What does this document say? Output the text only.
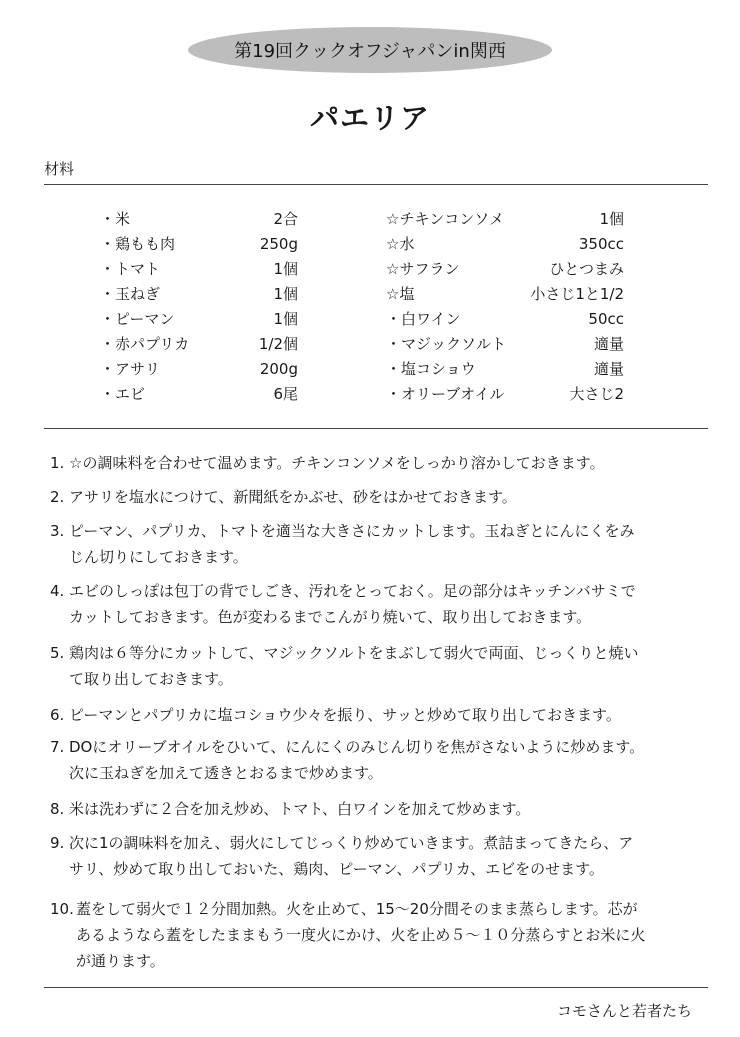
第19回クックオフジャパンin関西
パエリア
材料
・米	2合
・鶏もも肉	250g
・トマト	1個
・玉ねぎ	1個
・ピーマン	1個
・赤パプリカ	1/2個
・アサリ	200g
・エビ	6尾
☆チキンコンソメ	1個
☆水	350cc
☆サフラン	ひとつまみ
☆塩	小さじ1と1/2
・白ワイン	50cc
・マジックソルト	適量
・塩コショウ	適量
・オリーブオイル	大さじ2
1. ☆の調味料を合わせて温めます。チキンコンソメをしっかり溶かしておきます。
2. アサリを塩水につけて、新聞紙をかぶせ、砂をはかせておきます。
3. ピーマン、パプリカ、トマトを適当な大きさにカットします。玉ねぎとにんにくをみ
じん切りにしておきます。
4. エビのしっぽは包丁の背でしごき、汚れをとっておく。足の部分はキッチンバサミで
カットしておきます。色が変わるまでこんがり焼いて、取り出しておきます。
5. 鶏肉は６等分にカットして、マジックソルトをまぶして弱火で両面、じっくりと焼い
て取り出しておきます。
6. ピーマンとパプリカに塩コショウ少々を振り、サッと炒めて取り出しておきます。
7. DOにオリーブオイルをひいて、にんにくのみじん切りを焦がさないように炒めます。
次に玉ねぎを加えて透きとおるまで炒めます。
8. 米は洗わずに２合を加え炒め、トマト、白ワインを加えて炒めます。
9. 次に1の調味料を加え、弱火にしてじっくり炒めていきます。煮詰まってきたら、ア
サリ、炒めて取り出しておいた、鶏肉、ピーマン、パプリカ、エビをのせます。
10. 蓋をして弱火で１２分間加熱。火を止めて、15～20分間そのまま蒸らします。芯が
あるようなら蓋をしたままもう一度火にかけ、火を止め５～１０分蒸らすとお米に火
が通ります。
コモさんと若者たち
